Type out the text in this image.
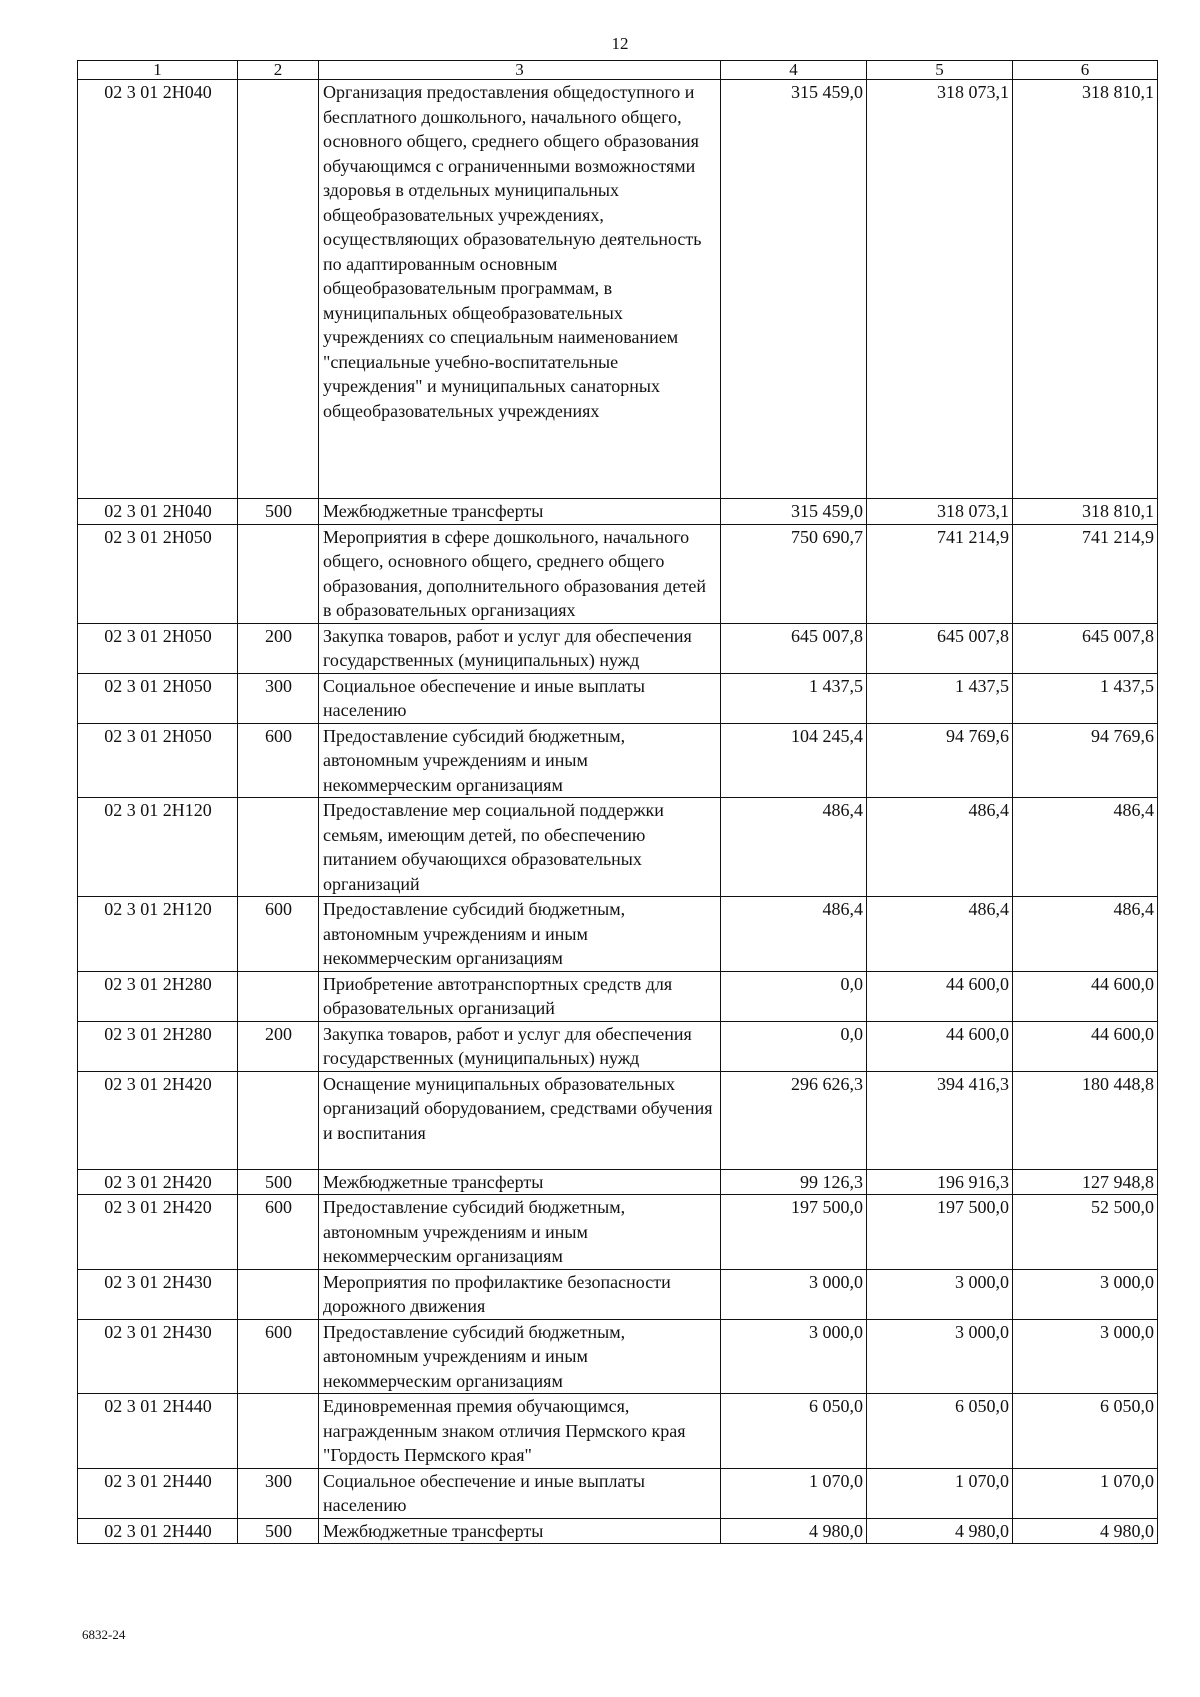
12
1	2	3	4	5	6
02 3 01 2Н040		Организация предоставления общедоступного и бесплатного дошкольного, начального общего, основного общего, среднего общего образования обучающимся с ограниченными возможностями здоровья в отдельных муниципальных общеобразовательных учреждениях, осуществляющих образовательную деятельность по адаптированным основным общеобразовательным программам, в муниципальных общеобразовательных учреждениях со специальным наименованием "специальные учебно-воспитательные учреждения" и муниципальных санаторных общеобразовательных учреждениях	315 459,0	318 073,1	318 810,1
02 3 01 2Н040	500	Межбюджетные трансферты	315 459,0	318 073,1	318 810,1
02 3 01 2Н050		Мероприятия в сфере дошкольного, начального общего, основного общего, среднего общего образования, дополнительного образования детей в образовательных организациях	750 690,7	741 214,9	741 214,9
02 3 01 2Н050	200	Закупка товаров, работ и услуг для обеспечения государственных (муниципальных) нужд	645 007,8	645 007,8	645 007,8
02 3 01 2Н050	300	Социальное обеспечение и иные выплаты населению	1 437,5	1 437,5	1 437,5
02 3 01 2Н050	600	Предоставление субсидий бюджетным, автономным учреждениям и иным некоммерческим организациям	104 245,4	94 769,6	94 769,6
02 3 01 2Н120		Предоставление мер социальной поддержки семьям, имеющим детей, по обеспечению питанием обучающихся образовательных организаций	486,4	486,4	486,4
02 3 01 2Н120	600	Предоставление субсидий бюджетным, автономным учреждениям и иным некоммерческим организациям	486,4	486,4	486,4
02 3 01 2Н280		Приобретение автотранспортных средств для образовательных организаций	0,0	44 600,0	44 600,0
02 3 01 2Н280	200	Закупка товаров, работ и услуг для обеспечения государственных (муниципальных) нужд	0,0	44 600,0	44 600,0
02 3 01 2Н420		Оснащение муниципальных образовательных организаций оборудованием, средствами обучения и воспитания	296 626,3	394 416,3	180 448,8
02 3 01 2Н420	500	Межбюджетные трансферты	99 126,3	196 916,3	127 948,8
02 3 01 2Н420	600	Предоставление субсидий бюджетным, автономным учреждениям и иным некоммерческим организациям	197 500,0	197 500,0	52 500,0
02 3 01 2Н430		Мероприятия по профилактике безопасности дорожного движения	3 000,0	3 000,0	3 000,0
02 3 01 2Н430	600	Предоставление субсидий бюджетным, автономным учреждениям и иным некоммерческим организациям	3 000,0	3 000,0	3 000,0
02 3 01 2Н440		Единовременная премия обучающимся, награжденным знаком отличия Пермского края "Гордость Пермского края"	6 050,0	6 050,0	6 050,0
02 3 01 2Н440	300	Социальное обеспечение и иные выплаты населению	1 070,0	1 070,0	1 070,0
02 3 01 2Н440	500	Межбюджетные трансферты	4 980,0	4 980,0	4 980,0
6832-24
